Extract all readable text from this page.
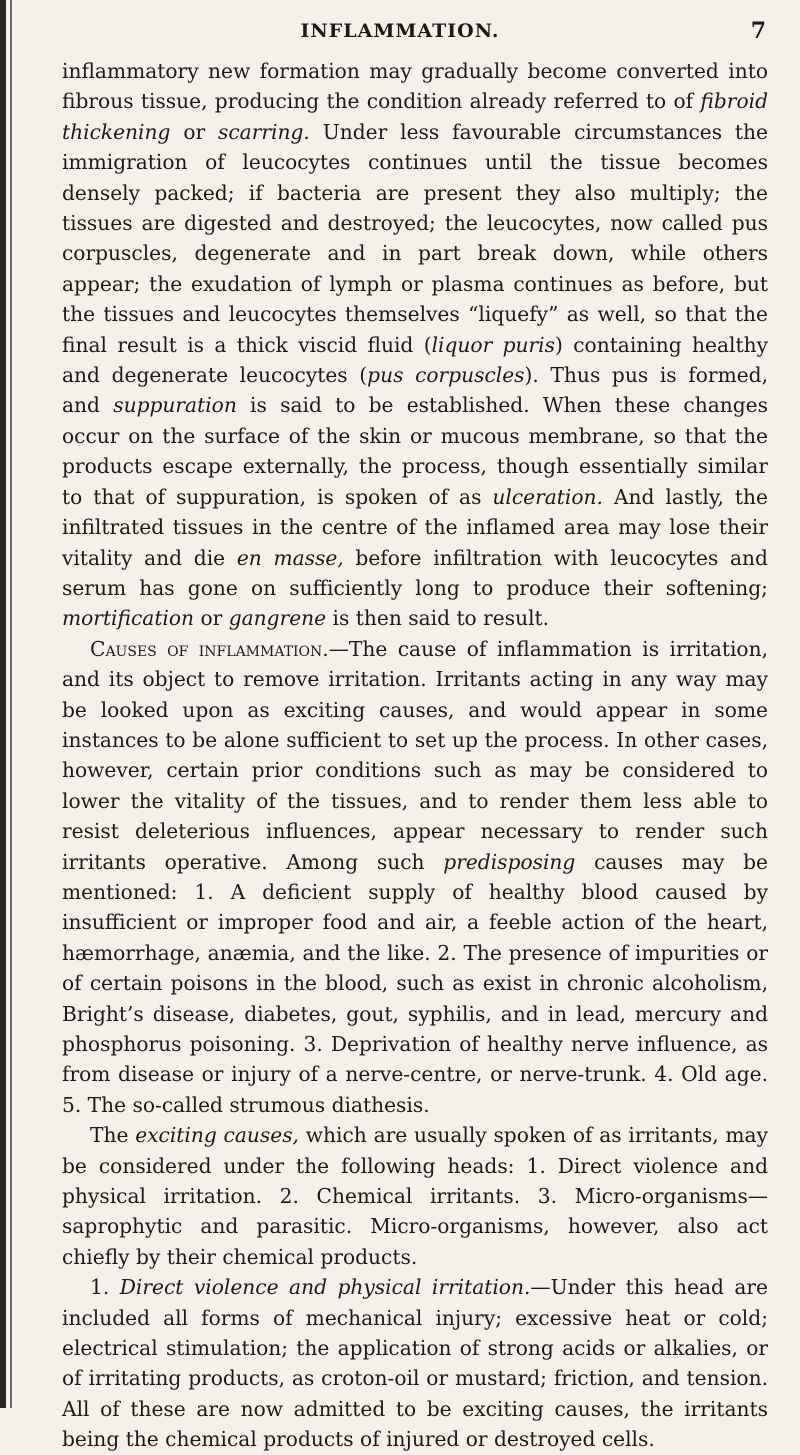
INFLAMMATION.	7

inflammatory new formation may gradually become converted into fibrous tissue, producing the condition already referred to of fibroid thickening or scarring. Under less favourable circumstances the immigration of leucocytes continues until the tissue becomes densely packed; if bacteria are present they also multiply; the tissues are digested and destroyed; the leucocytes, now called pus corpuscles, degenerate and in part break down, while others appear; the exudation of lymph or plasma continues as before, but the tissues and leucocytes themselves “liquefy” as well, so that the final result is a thick viscid fluid (liquor puris) containing healthy and degenerate leucocytes (pus corpuscles). Thus pus is formed, and suppuration is said to be established. When these changes occur on the surface of the skin or mucous membrane, so that the products escape externally, the process, though essentially similar to that of suppuration, is spoken of as ulceration. And lastly, the infiltrated tissues in the centre of the inflamed area may lose their vitality and die en masse, before infiltration with leucocytes and serum has gone on sufficiently long to produce their softening; mortification or gangrene is then said to result.

Causes of inflammation.—The cause of inflammation is irritation, and its object to remove irritation. Irritants acting in any way may be looked upon as exciting causes, and would appear in some instances to be alone sufficient to set up the process. In other cases, however, certain prior conditions such as may be considered to lower the vitality of the tissues, and to render them less able to resist deleterious influences, appear necessary to render such irritants operative. Among such predisposing causes may be mentioned: 1. A deficient supply of healthy blood caused by insufficient or improper food and air, a feeble action of the heart, hæmorrhage, anæmia, and the like. 2. The presence of impurities or of certain poisons in the blood, such as exist in chronic alcoholism, Bright’s disease, diabetes, gout, syphilis, and in lead, mercury and phosphorus poisoning. 3. Deprivation of healthy nerve influence, as from disease or injury of a nerve-centre, or nerve-trunk. 4. Old age. 5. The so-called strumous diathesis.

The exciting causes, which are usually spoken of as irritants, may be considered under the following heads: 1. Direct violence and physical irritation. 2. Chemical irritants. 3. Micro-organisms—saprophytic and parasitic. Micro-organisms, however, also act chiefly by their chemical products.

1. Direct violence and physical irritation.—Under this head are included all forms of mechanical injury; excessive heat or cold; electrical stimulation; the application of strong acids or alkalies, or of irritating products, as croton-oil or mustard; friction, and tension. All of these are now admitted to be exciting causes, the irritants being the chemical products of injured or destroyed cells.
